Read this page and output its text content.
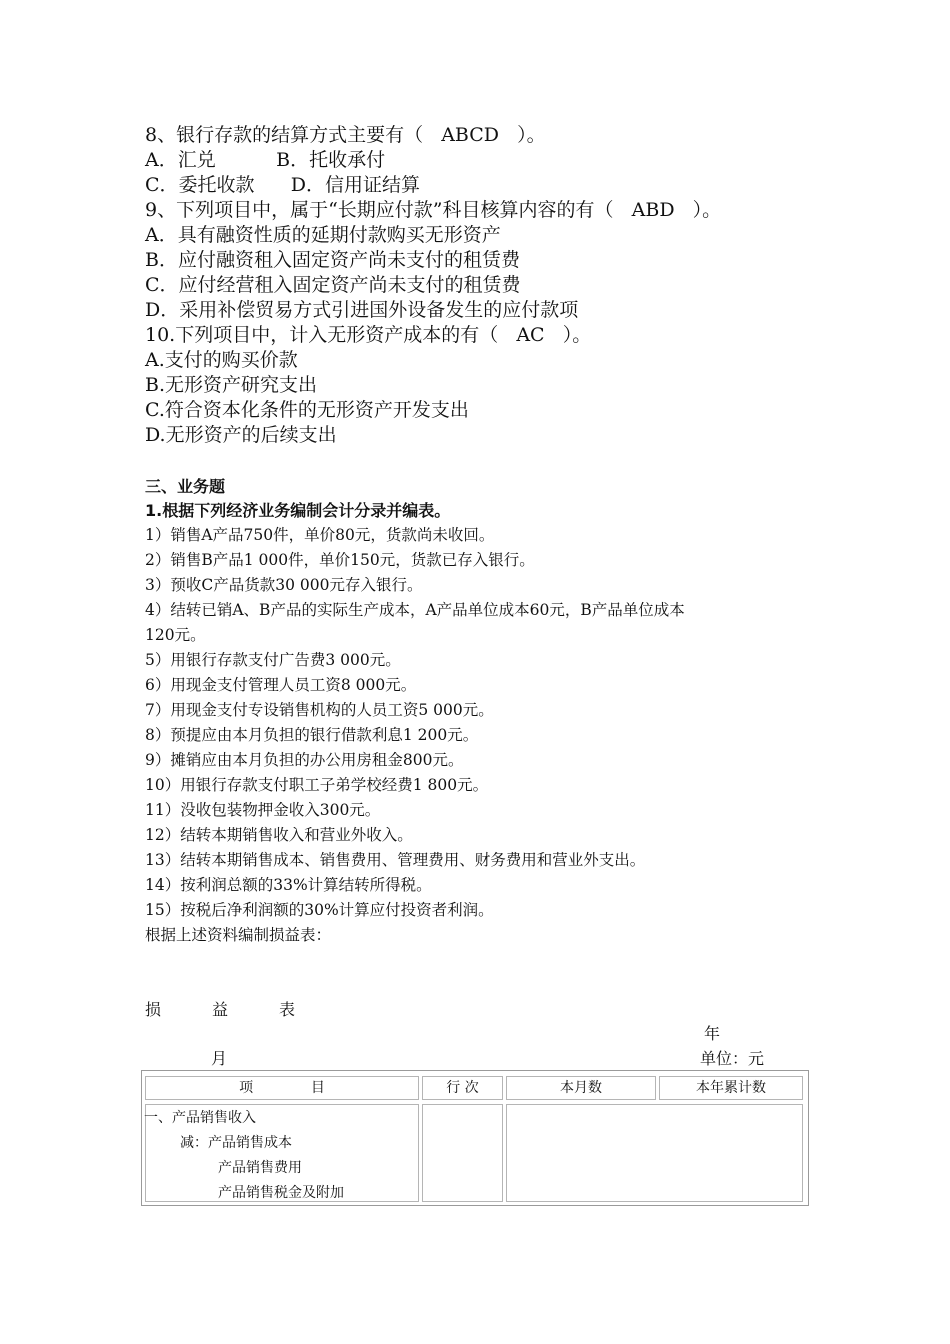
8、银行存款的结算方式主要有（   ABCD   ）。
A．汇兑          B．托收承付
C．委托收款      D．信用证结算
9、下列项目中，属于“长期应付款”科目核算内容的有（   ABD   ）。
A．具有融资性质的延期付款购买无形资产
B．应付融资租入固定资产尚未支付的租赁费
C．应付经营租入固定资产尚未支付的租赁费
D．采用补偿贸易方式引进国外设备发生的应付款项
10.下列项目中，计入无形资产成本的有（   AC   ）。
A.支付的购买价款
B.无形资产研究支出
C.符合资本化条件的无形资产开发支出
D.无形资产的后续支出
三、业务题
1.根据下列经济业务编制会计分录并编表。
1）销售A产品750件，单价80元，货款尚未收回。
2）销售B产品1 000件，单价150元，货款已存入银行。
3）预收C产品货款30 000元存入银行。
4）结转已销A、B产品的实际生产成本，A产品单位成本60元，B产品单位成本
120元。
5）用银行存款支付广告费3 000元。
6）用现金支付管理人员工资8 000元。
7）用现金支付专设销售机构的人员工资5 000元。
8）预提应由本月负担的银行借款利息1 200元。
9）摊销应由本月负担的办公用房租金800元。
10）用银行存款支付职工子弟学校经费1 800元。
11）没收包装物押金收入300元。
12）结转本期销售收入和营业外收入。
13）结转本期销售成本、销售费用、管理费用、财务费用和营业外支出。
14）按利润总额的33%计算结转所得税。
15）按税后净利润额的30%计算应付投资者利润。
根据上述资料编制损益表：
损	益	表
年
月	单位：元
项             目	行 次	本月数	本年累计数
一、产品销售收入
减：产品销售成本
产品销售费用
产品销售税金及附加
